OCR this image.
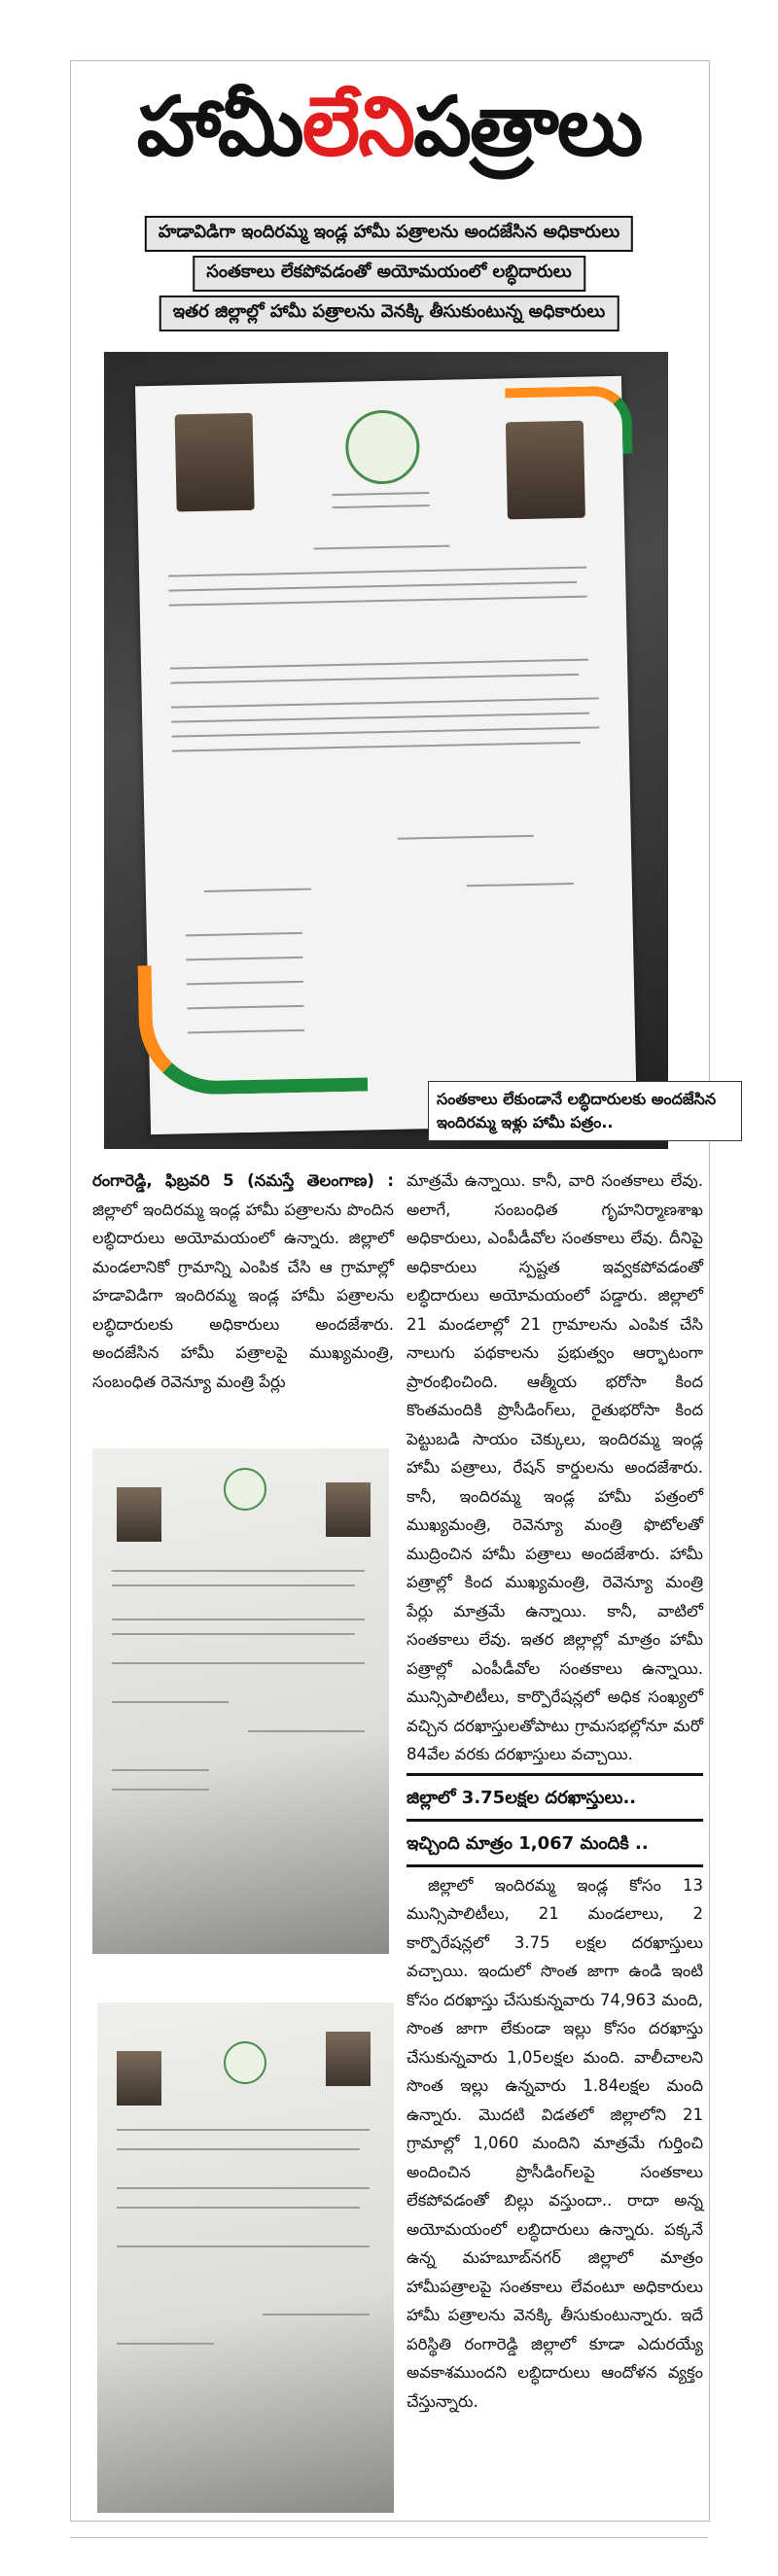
హామీ లేని పత్రాలు
హడావిడిగా ఇందిరమ్మ ఇండ్ల హామీ పత్రాలను అందజేసిన అధికారులు
సంతకాలు లేకపోవడంతో అయోమయంలో లబ్ధిదారులు
ఇతర జిల్లాల్లో హామీ పత్రాలను వెనక్కి తీసుకుంటున్న అధికారులు
సంతకాలు లేకుండానే లబ్ధిదారులకు అందజేసిన ఇందిరమ్మ ఇళ్లు హామీ పత్రం..

రంగారెడ్డి, ఫిబ్రవరి 5 (నమస్తే తెలంగాణ) : జిల్లాలో ఇందిరమ్మ ఇండ్ల హామీ పత్రాలను పొందిన లబ్ధిదారులు అయోమయంలో ఉన్నారు. జిల్లాలో మండలానికో గ్రామాన్ని ఎంపిక చేసి ఆ గ్రామాల్లో హడావిడిగా ఇందిరమ్మ ఇండ్ల హామీ పత్రాలను లబ్ధిదారులకు అధికారులు అందజేశారు. అందజేసిన హామీ పత్రాలపై ముఖ్యమంత్రి, సంబంధిత రెవెన్యూ మంత్రి పేర్లు

మాత్రమే ఉన్నాయి. కానీ, వారి సంతకాలు లేవు. అలాగే, సంబంధిత గృహనిర్మాణశాఖ అధికారులు, ఎంపీడీవోల సంతకాలు లేవు. దీనిపై అధికారులు స్పష్టత ఇవ్వకపోవడంతో లబ్ధిదారులు అయోమయంలో పడ్డారు. జిల్లాలో 21 మండలాల్లో 21 గ్రామాలను ఎంపిక చేసి నాలుగు పథకాలను ప్రభుత్వం ఆర్భాటంగా ప్రారంభించింది. ఆత్మీయ భరోసా కింద కొంతమందికి ప్రొసీడింగ్‌లు, రైతుభరోసా కింద పెట్టుబడి సాయం చెక్కులు, ఇందిరమ్మ ఇండ్ల హామీ పత్రాలు, రేషన్ కార్డులను అందజేశారు. కానీ, ఇందిరమ్మ ఇండ్ల హామీ పత్రంలో ముఖ్యమంత్రి, రెవెన్యూ మంత్రి ఫొటోలతో ముద్రించిన హామీ పత్రాలు అందజేశారు. హామీ పత్రాల్లో కింద ముఖ్యమంత్రి, రెవెన్యూ మంత్రి పేర్లు మాత్రమే ఉన్నాయి. కానీ, వాటిలో సంతకాలు లేవు. ఇతర జిల్లాల్లో మాత్రం హామీ పత్రాల్లో ఎంపీడీవోల సంతకాలు ఉన్నాయి. మున్సిపాలిటీలు, కార్పొరేషన్లలో అధిక సంఖ్యలో వచ్చిన దరఖాస్తులతోపాటు గ్రామసభల్లోనూ మరో 84వేల వరకు దరఖాస్తులు వచ్చాయి.

జిల్లాలో 3.75లక్షల దరఖాస్తులు..

ఇచ్చింది మాత్రం 1,067 మందికి ..

జిల్లాలో ఇందిరమ్మ ఇండ్ల కోసం 13 మున్సిపాలిటీలు, 21 మండలాలు, 2 కార్పొరేషన్లలో 3.75 లక్షల దరఖాస్తులు వచ్చాయి. ఇందులో సొంత జాగా ఉండి ఇంటి కోసం దరఖాస్తు చేసుకున్నవారు 74,963 మంది, సొంత జాగా లేకుండా ఇల్లు కోసం దరఖాస్తు చేసుకున్నవారు 1,05లక్షల మంది. వాలీచాలని సొంత ఇల్లు ఉన్నవారు 1.84లక్షల మంది ఉన్నారు. మొదటి విడతలో జిల్లాలోని 21 గ్రామాల్లో 1,060 మందిని మాత్రమే గుర్తించి అందించిన ప్రొసీడింగ్‌లపై సంతకాలు లేకపోవడంతో బిల్లు వస్తుందా.. రాదా అన్న అయోమయంలో లబ్ధిదారులు ఉన్నారు. పక్కనే ఉన్న మహబూబ్‌నగర్ జిల్లాలో మాత్రం హామీపత్రాలపై సంతకాలు లేవంటూ అధికారులు హామీ పత్రాలను వెనక్కి తీసుకుంటున్నారు. ఇదే పరిస్థితి రంగారెడ్డి జిల్లాలో కూడా ఎదురయ్యే అవకాశముందని లబ్ధిదారులు ఆందోళన వ్యక్తం చేస్తున్నారు.
